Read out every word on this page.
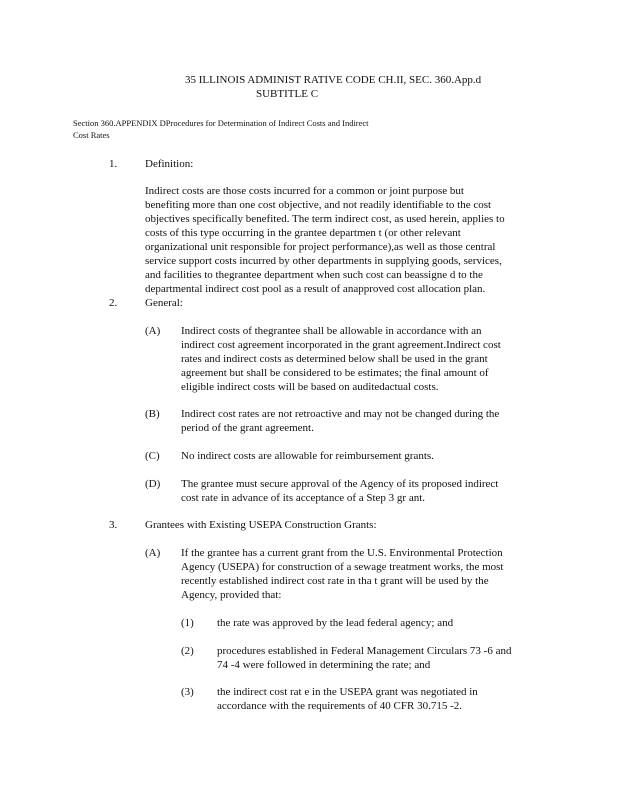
35 ILLINOIS ADMINIST RATIVE CODE CH.II, SEC. 360.App.d
SUBTITLE C
Section 360.APPENDIX DProcedures for Determination of Indirect Costs and Indirect
Cost Rates
1.	Definition:
Indirect costs are those costs incurred for a common or joint purpose but
benefiting more than one cost objective, and not readily identifiable to the cost
objectives specifically benefited. The term indirect cost, as used herein, applies to
costs of this type occurring in the grantee departmen t (or other relevant
organizational unit responsible for project performance),as well as those central
service support costs incurred by other departments in supplying goods, services,
and facilities to thegrantee department when such cost can beassigne d to the
departmental indirect cost pool as a result of anapproved cost allocation plan.
2.	General:
(A) Indirect costs of thegrantee shall be allowable in accordance with an
indirect cost agreement incorporated in the grant agreement.Indirect cost
rates and indirect costs as determined below shall be used in the grant
agreement but shall be considered to be estimates; the final amount of
eligible indirect costs will be based on auditedactual costs.
(B) Indirect cost rates are not retroactive and may not be changed during the
period of the grant agreement.
(C) No indirect costs are allowable for reimbursement grants.
(D) The grantee must secure approval of the Agency of its proposed indirect
cost rate in advance of its acceptance of a Step 3 gr ant.
3.	Grantees with Existing USEPA Construction Grants:
(A) If the grantee has a current grant from the U.S. Environmental Protection
Agency (USEPA) for construction of a sewage treatment works, the most
recently established indirect cost rate in tha t grant will be used by the
Agency, provided that:
(1) the rate was approved by the lead federal agency; and
(2) procedures established in Federal Management Circulars 73 -6 and
74 -4 were followed in determining the rate; and
(3) the indirect cost rat e in the USEPA grant was negotiated in
accordance with the requirements of 40 CFR 30.715 -2.
